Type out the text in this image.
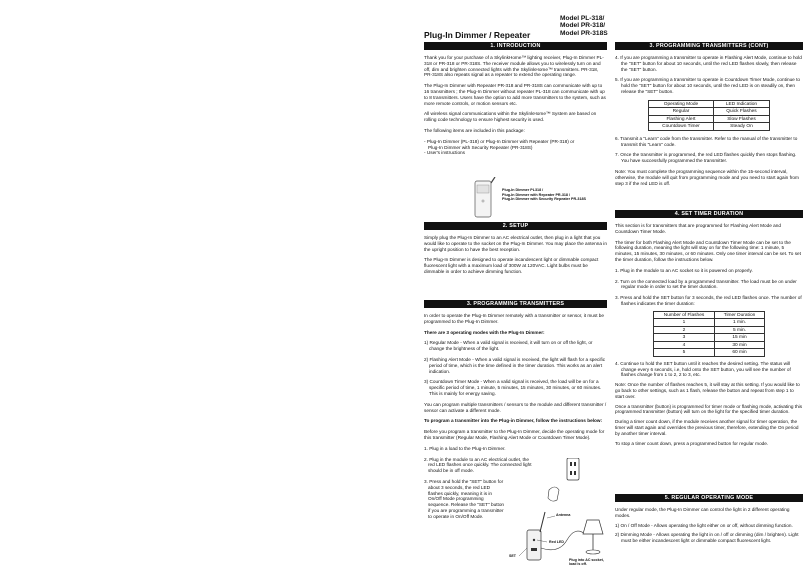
Plug-In Dimmer / Repeater
Model PL-318/
Model PR-318/
Model PR-318S
1. INTRODUCTION

Thank you for your purchase of a SkylinkHome™ lighting receiver, Plug-In Dimmer PL-318 or PR-318 or PR-318S. The receiver module allows you to wirelessly turn on and off, dim and brighten connected lights with the SkylinkHome™ transmitters. PR-318, PR-318S also repeats signal as a repeater to extend the operating range.

The Plug-In Dimmer with Repeater PR-318 and PR-318S can communicate with up to 16 transmitters ; the Plug-In Dimmer without repeater PL-318 can communicate with up to 8 transmitters. Users have the option to add more transmitters to the system, such as more remote controls, or motion sensors etc.

All wireless signal communications within the SkylinkHome™ System are based on rolling code technology to ensure highest security is used.

The following items are included in this package:

- Plug-In Dimmer (PL-318) or Plug-In Dimmer with Repeater (PR-318) or
Plug-In Dimmer with Security Repeater (PR-318S)
- User's instructions
Plug-In Dimmer PL318 /
Plug-In Dimmer with Repeater PR-318 /
Plug-In Dimmer with Security Repeater PR-318S
2. SETUP

Simply plug the Plug-In Dimmer to an AC electrical outlet, then plug in a light that you would like to operate to the socket on the Plug-In Dimmer. You may place the antenna in the upright position to have the best reception.

The Plug-In Dimmer is designed to operate incandescent light or dimmable compact fluorescent light with a maximum load of 300W at 120VAC. Light bulbs must be dimmable in order to achieve dimming function.

3. PROGRAMMING TRANSMITTERS

In order to operate the Plug-In Dimmer remotely with a transmitter or sensor, it must be programmed to the Plug-In Dimmer.

There are 3 operating modes with the Plug-In Dimmer:

1) Regular Mode - When a valid signal is received, it will turn on or off the light, or change the brightness of the light.

2) Flashing Alert Mode - When a valid signal is received, the light will flash for a specific period of time, which is the time defined in the timer duration. This works as an alert indication.

3) Countdown Timer Mode - When a valid signal is received, the load will be on for a specific period of time, 1 minute, 5 minutes, 15 minutes, 30 minutes, or 60 minutes. This is mainly for energy saving.

You can program multiple transmitters / sensors to the module and different transmitter / sensor can activate a different mode.

To program a transmitter into the Plug-in Dimmer, follow the instructions below:

Before you program a transmitter to the Plug-In Dimmer, decide the operating mode for this transmitter (Regular Mode, Flashing Alert Mode or Countdown Timer Mode).

1. Plug in a load to the Plug-In Dimmer.

2. Plug in the module to an AC electrical outlet, the red LED flashes once quickly. The connected light should be in off mode.

3. Press and hold the "SET" button for about 3 seconds, the red LED flashes quickly, meaning it is in On/Off Mode programming sequence. Release the "SET" button if you are programming a transmitter to operate in On/Off Mode.	Antenna
Red LED
SET
Plug into AC socket, load is off.
3. PROGRAMMING TRANSMITTERS (CONT)

4. If you are programming a transmitter to operate in Flashing Alert Mode, continue to hold the "SET" button for about 10 seconds, until the red LED flashes slowly, then release the "SET" button.

5. If you are programming a transmitter to operate in Countdown Timer Mode, continue to hold the "SET" button for about 10 seconds, until the red LED is on steadily on, then release the "SET" button.

Operating Mode	LED Indication
Regular	Quick Flashes
Flashing Alert	Slow Flashes
Countdown Timer	Steady On

6. Transmit a "Learn" code from the transmitter. Refer to the manual of the transmitter to transmit this "Learn" code.

7. Once the transmitter is programmed, the red LED flashes quickly then stops flashing. You have successfully programmed the transmitter.

Note: You must complete the programming sequence within the 15-second interval, otherwise, the module will quit from programming mode and you need to start again from step 3 if the red LED is off.

4. SET TIMER DURATION

This section is for transmitters that are programmed for Flashing Alert Mode and Countdown Timer Mode.

The timer for both Flashing Alert Mode and Countdown Timer Mode can be set to the following duration, meaning the light will stay on for the following time: 1 minute, 5 minutes, 15 minutes, 30 minutes, or 60 minutes. Only one timer interval can be set. To set the timer duration, follow the instructions below.

1. Plug in the module to an AC socket so it is powered on properly.

2. Turn on the connected load by a programmed transmitter. The load must be on under regular mode in order to set the timer duration.

3. Press and hold the SET button for 3 seconds, the red LED flashes once. The number of flashes indicates the timer duration:

Number of Flashes	Timer Duration
1	1 min.
2	5 min.
3	15 min
4	30 min
5	60 min

4. Continue to hold the SET button until it reaches the desired setting. The status will change every 6 seconds, i.e, hold onto the SET button, you will see the number of flashes change from 1 to 2, 2 to 3, etc.

Note: Once the number of flashes reaches 5, it will stay at this setting. If you would like to go back to other settings, such as 1 flash, release the button and repeat from step 1 to start over.

Once a transmitter (button) is programmed for timer mode or flashing mode, activating this programmed transmitter (button) will turn on the light for the specified timer duration.

During a timer count down, if the module receives another signal for timer operation, the timer will start again and overrides the previous timer, therefore, extending the On period by another timer interval.

To stop a timer count down, press a programmed button for regular mode.

5. REGULAR OPERATING MODE

Under regular mode, the Plug-In Dimmer can control the light in 2 different operating modes.

1) On / Off Mode - Allows operating the light either on or off, without dimming function.

2) Dimming Mode - Allows operating the light in on / off or dimming (dim / brighten). Light must be either incandescent light or dimmable compact fluorescent light.
